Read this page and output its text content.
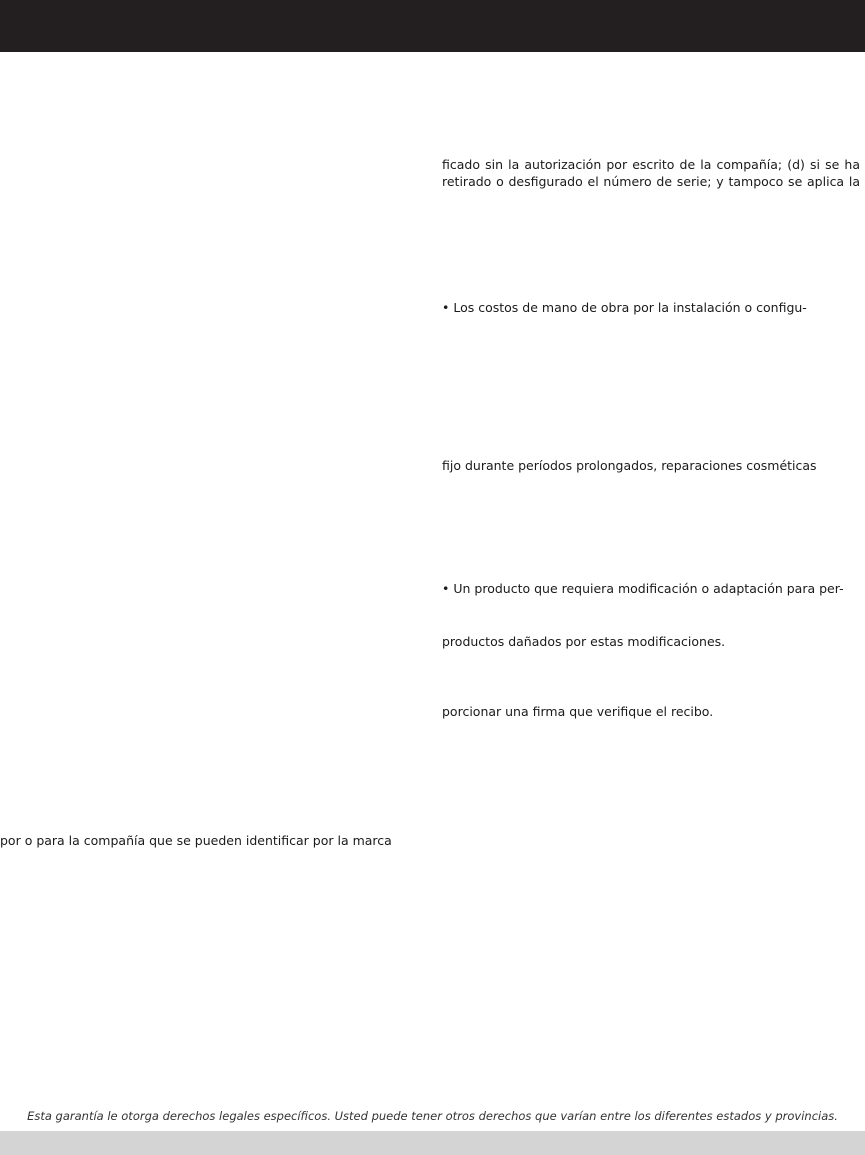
ficado sin la autorización por escrito de la compañía; (d) si se ha
retirado o desfigurado el número de serie; y tampoco se aplica la
• Los costos de mano de obra por la instalación o configu-
fijo durante períodos prolongados, reparaciones cosméticas
• Un producto que requiera modificación o adaptación para per-
productos dañados por estas modificaciones.
porcionar una firma que verifique el recibo.
por o para la compañía que se pueden identificar por la marca
Esta garantía le otorga derechos legales específicos. Usted puede tener otros derechos que varían entre los diferentes estados y provincias.
